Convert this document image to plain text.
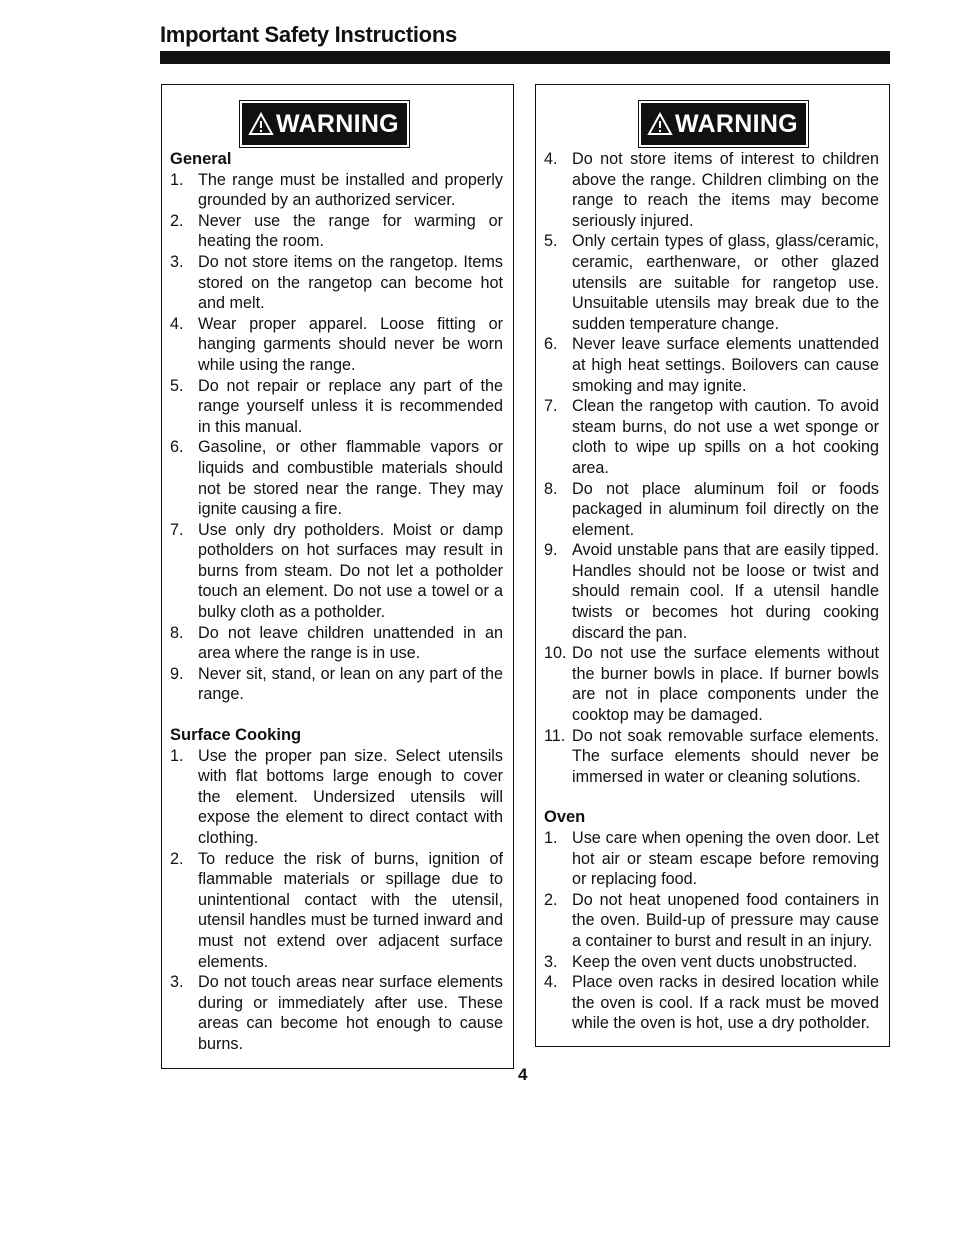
Important Safety Instructions
WARNING
General
1. The range must be installed and properly grounded by an authorized servicer.
2. Never use the range for warming or heating the room.
3. Do not store items on the rangetop. Items stored on the rangetop can become hot and melt.
4. Wear proper apparel. Loose fitting or hanging garments should never be worn while using the range.
5. Do not repair or replace any part of the range yourself unless it is recommended in this manual.
6. Gasoline, or other flammable vapors or liquids and combustible materials should not be stored near the range. They may ignite causing a fire.
7. Use only dry potholders. Moist or damp potholders on hot surfaces may result in burns from steam. Do not let a potholder touch an element. Do not use a towel or a bulky cloth as a potholder.
8. Do not leave children unattended in an area where the range is in use.
9. Never sit, stand, or lean on any part of the range.
Surface Cooking
1. Use the proper pan size. Select utensils with flat bottoms large enough to cover the element. Undersized utensils will expose the element to direct contact with clothing.
2. To reduce the risk of burns, ignition of flammable materials or spillage due to unintentional contact with the utensil, utensil handles must be turned inward and must not extend over adjacent surface elements.
3. Do not touch areas near surface elements during or immediately after use. These areas can become hot enough to cause burns.
WARNING
4. Do not store items of interest to children above the range. Children climbing on the range to reach the items may become seriously injured.
5. Only certain types of glass, glass/ceramic, ceramic, earthenware, or other glazed utensils are suitable for rangetop use. Unsuitable utensils may break due to the sudden temperature change.
6. Never leave surface elements unattended at high heat settings. Boilovers can cause smoking and may ignite.
7. Clean the rangetop with caution. To avoid steam burns, do not use a wet sponge or cloth to wipe up spills on a hot cooking area.
8. Do not place aluminum foil or foods packaged in aluminum foil directly on the element.
9. Avoid unstable pans that are easily tipped. Handles should not be loose or twist and should remain cool. If a utensil handle twists or becomes hot during cooking discard the pan.
10. Do not use the surface elements without the burner bowls in place. If burner bowls are not in place components under the cooktop may be damaged.
11. Do not soak removable surface elements. The surface elements should never be immersed in water or cleaning solutions.
Oven
1. Use care when opening the oven door. Let hot air or steam escape before removing or replacing food.
2. Do not heat unopened food containers in the oven. Build-up of pressure may cause a container to burst and result in an injury.
3. Keep the oven vent ducts unobstructed.
4. Place oven racks in desired location while the oven is cool. If a rack must be moved while the oven is hot, use a dry potholder.
4
